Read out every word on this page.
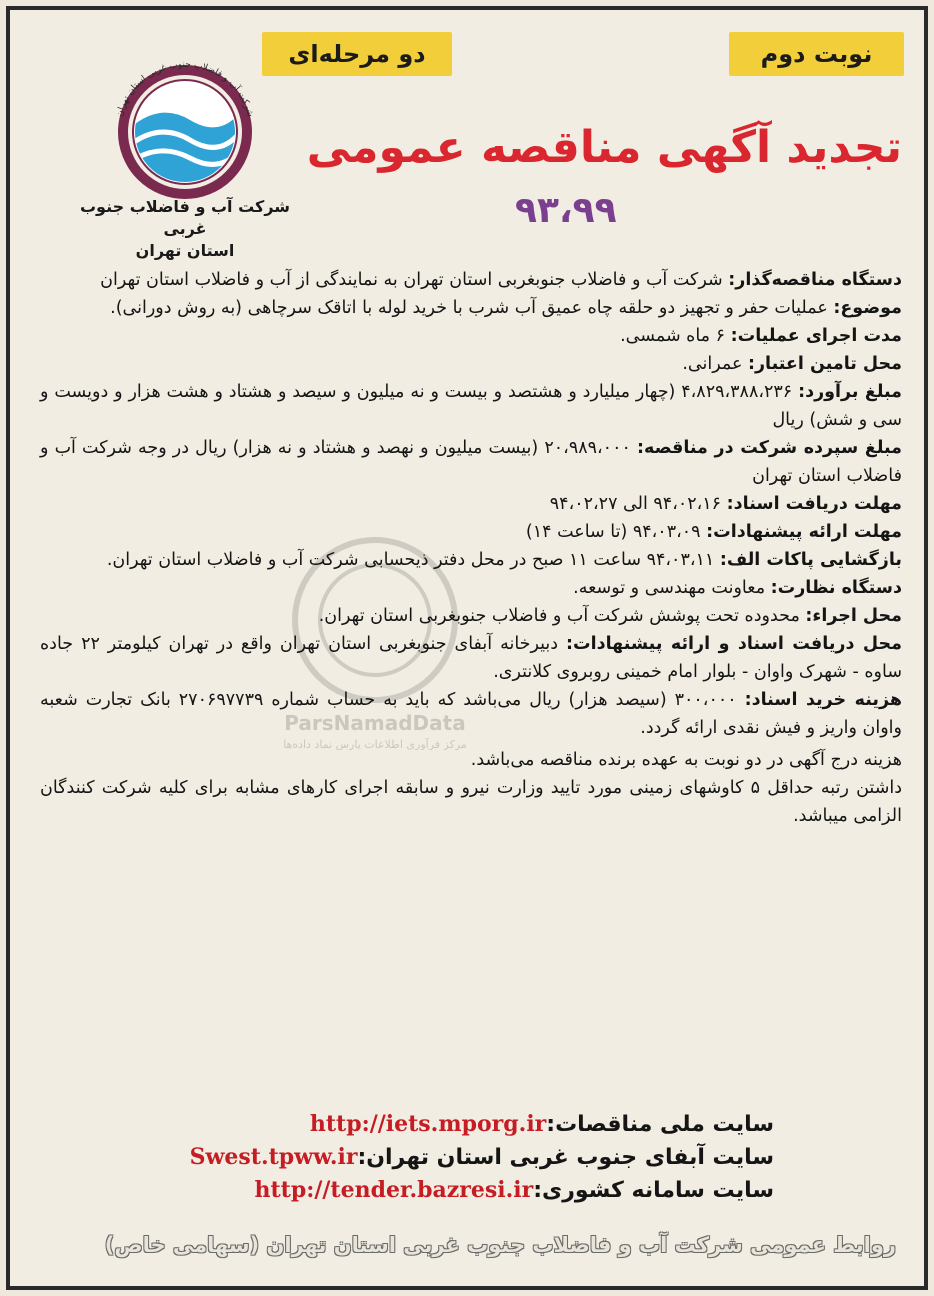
نوبت دوم
دو مرحله‌ای
شرکت آب و فاضلاب جنوب غربی استان تهران
شرکت آب و فاضلاب جنوب غربی
استان تهران
تجدید آگهی مناقصه عمومی
۹۳،۹۹
ParsNamadData
مرکز فرآوری اطلاعات پارس نماد داده‌ها

دستگاه مناقصه‌گذار: شرکت آب و فاضلاب جنوبغربی استان تهران به نمایندگی از آب و فاضلاب استان تهران

موضوع: عملیات حفر و تجهیز دو حلقه چاه عمیق آب شرب با خرید لوله با اتاقک سرچاهی (به روش دورانی).

مدت اجرای عملیات: ۶ ماه شمسی.

محل تامین اعتبار: عمرانی.

مبلغ برآورد: ۴،۸۲۹،۳۸۸،۲۳۶ (چهار میلیارد و هشتصد و بیست و نه میلیون و سیصد و هشتاد و هشت هزار و دویست و سی و شش) ریال

مبلغ سپرده شرکت در مناقصه: ۲۰،۹۸۹،۰۰۰ (بیست میلیون و نهصد و هشتاد و نه هزار) ریال در وجه شرکت آب و فاضلاب استان تهران

مهلت دریافت اسناد: ۹۴،۰۲،۱۶ الی ۹۴،۰۲،۲۷

مهلت ارائه پیشنهادات: ۹۴،۰۳،۰۹ (تا ساعت ۱۴)

بازگشایی پاکات الف: ۹۴،۰۳،۱۱ ساعت ۱۱ صبح در محل دفتر ذیحسابی شرکت آب و فاضلاب استان تهران.

دستگاه نظارت: معاونت مهندسی و توسعه.

محل اجراء: محدوده تحت پوشش شرکت آب و فاضلاب جنوبغربی استان تهران.

محل دریافت اسناد و ارائه پیشنهادات: دبیرخانه آبفای جنوبغربی استان تهران واقع در تهران کیلومتر ۲۲ جاده ساوه - شهرک واوان - بلوار امام خمینی روبروی کلانتری.

هزینه خرید اسناد: ۳۰۰،۰۰۰ (سیصد هزار) ریال می‌باشد که باید به حساب شماره ۲۷۰۶۹۷۷۳۹ بانک تجارت شعبه واوان واریز و فیش نقدی ارائه گردد.

هزینه درج آگهی در دو نوبت به عهده برنده مناقصه می‌باشد.

داشتن رتبه حداقل ۵ کاوشهای زمینی مورد تایید وزارت نیرو و سابقه اجرای کارهای مشابه برای کلیه شرکت کنندگان الزامی میباشد.

سایت ملی مناقصات:http://iets.mporg.ir
سایت آبفای جنوب غربی استان تهران:Swest.tpww.ir
سایت سامانه کشوری:http://tender.bazresi.ir
روابط عمومی شرکت آب و فاضلاب جنوب غربی استان تهران (سهامی خاص)
